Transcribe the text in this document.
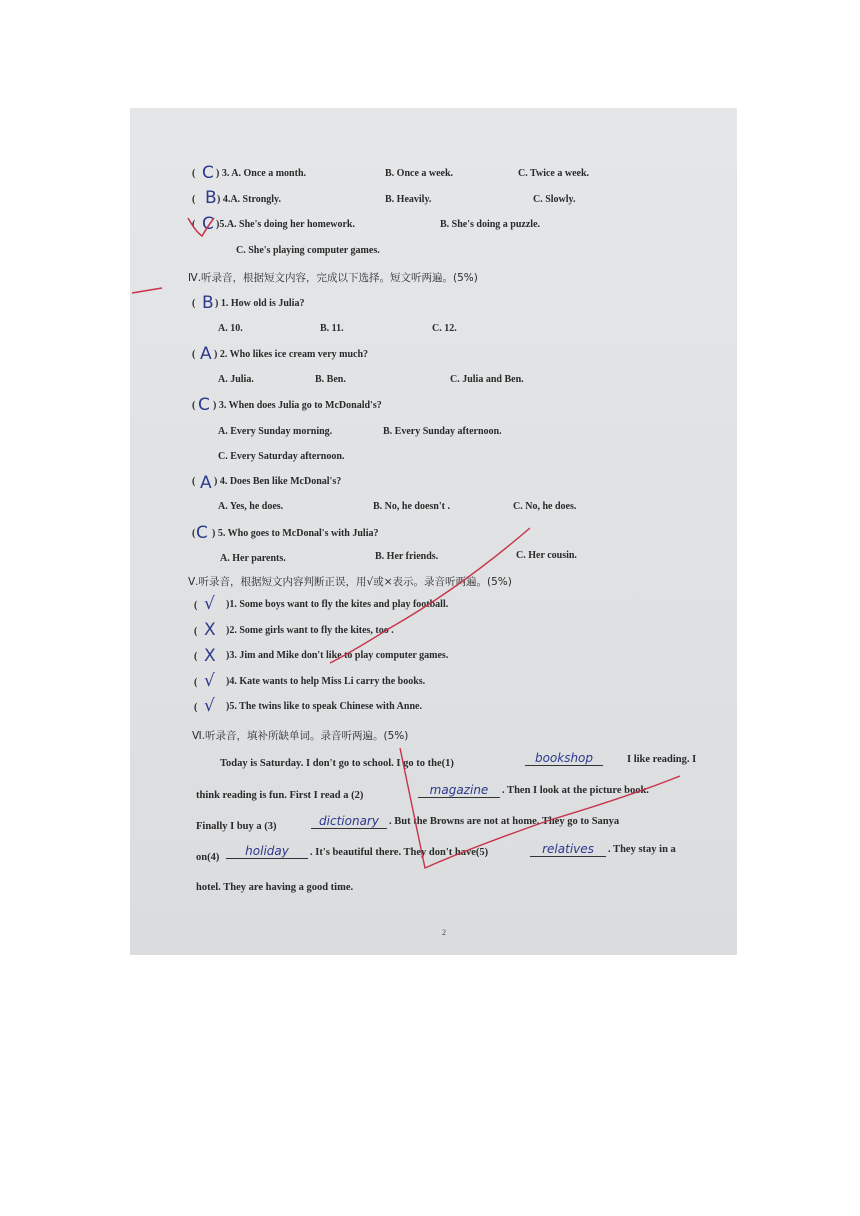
( C ) 3. A. Once a month.	B. Once a week.	C. Twice a week.
( B ) 4.A. Strongly.	B. Heavily.	C. Slowly.
( C )5.A. She's doing her homework.	B. She's doing a puzzle.
C. She's playing computer games.
Ⅳ.听录音，根据短文内容，完成以下选择。短文听两遍。(5%)
( B ) 1. How old is Julia?
A. 10.	B. 11.	C. 12.
( A ) 2. Who likes ice cream very much?
A. Julia.	B. Ben.	C. Julia and Ben.
( C ) 3. When does Julia go to McDonald's?
A. Every Sunday morning.	B. Every Sunday afternoon.
C. Every Saturday afternoon.
( A ) 4. Does Ben like McDonal's?
A. Yes, he does.	B. No, he doesn't .	C. No, he does.
( C ) 5. Who goes to McDonal's with Julia?
A. Her parents.	B. Her friends.	C. Her cousin.
Ⅴ.听录音，根据短文内容判断正误，用√或×表示。录音听两遍。(5%)
( √ )1. Some boys want to fly the kites and play football.
( X )2. Some girls want to fly the kites, too .
( X )3. Jim and Mike don't like to play computer games.
( √ )4. Kate wants to help Miss Li carry the books.
( √ )5. The twins like to speak Chinese with Anne.
Ⅵ.听录音，填补所缺单词。录音听两遍。(5%)
Today is Saturday. I don't go to school. I go to the(1)	bookshop	I like reading. I
think reading is fun. First I read a (2)	magazine	. Then I look at the picture book.
Finally I buy a (3)	dictionary . But the Browns are not at home. They go to Sanya
on(4)	holiday	. It's beautiful there. They don't have(5)	relatives	. They stay in a
hotel. They are having a good time.
2
